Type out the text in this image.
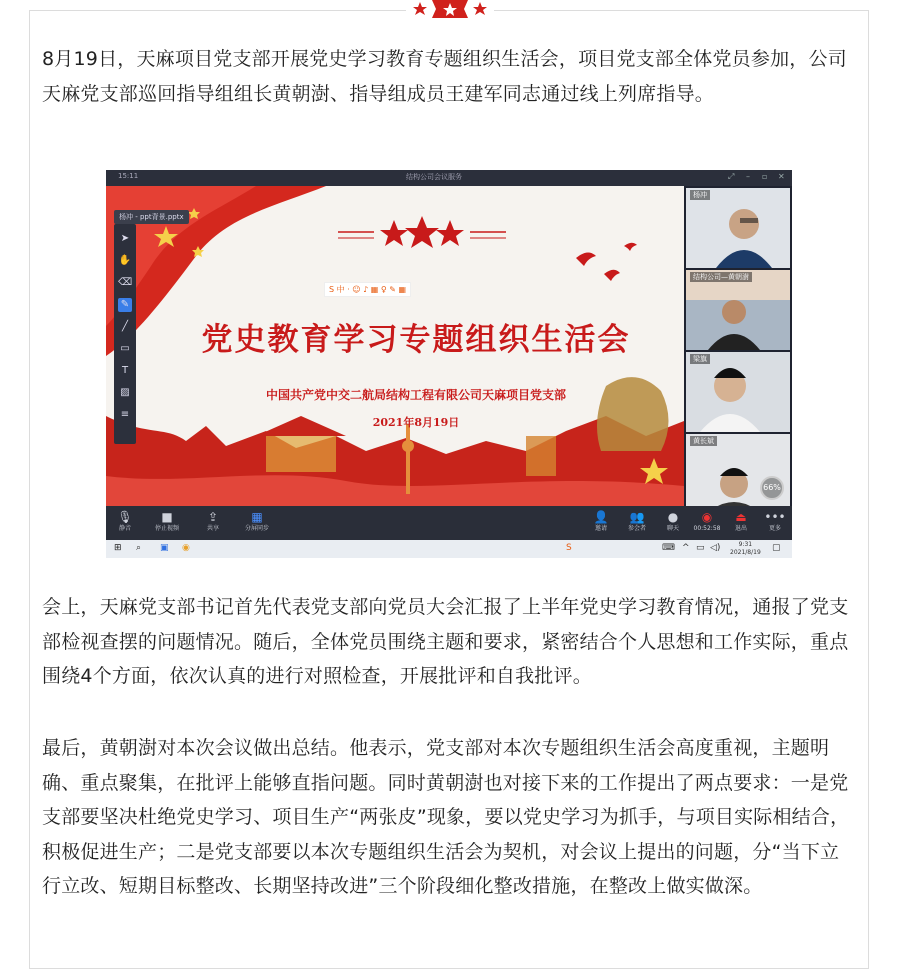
8月19日，天麻项目党支部开展党史学习教育专题组织生活会，项目党支部全体党员参加，公司天麻党支部巡回指导组组长黄朝澍、指导组成员王建军同志通过线上列席指导。
15:11	结构公司会议服务	⤢ –	▫	✕
杨冲 - ppt背景.pptx
➤
✋
⌫
✎
╱
▭
T
▨
≡
S 中 · ☺ ♪ ▦ ♀ ✎ ▦
党史教育学习专题组织生活会
中国共产党中交二航局结构工程有限公司天麻项目党支部
2021年8月19日
杨冲
结构公司—黄朝澍
梁旗
黄长斌
66%
🎙
静音
■
停止视频
⇪
共享
▦
分屏同步
👤
邀请
👥
参会者
●
聊天
◉
00:52:58
⏏
退出
•••
更多
⊞ ⌕ ▣ ◉	S	⌨ ^ ▭ ◁)	9:31
2021/8/19 ▢
会上，天麻党支部书记首先代表党支部向党员大会汇报了上半年党史学习教育情况，通报了党支部检视查摆的问题情况。随后，全体党员围绕主题和要求，紧密结合个人思想和工作实际，重点围绕4个方面，依次认真的进行对照检查，开展批评和自我批评。
最后，黄朝澍对本次会议做出总结。他表示，党支部对本次专题组织生活会高度重视，主题明确、重点聚集，在批评上能够直指问题。同时黄朝澍也对接下来的工作提出了两点要求：一是党支部要坚决杜绝党史学习、项目生产“两张皮”现象，要以党史学习为抓手，与项目实际相结合，积极促进生产；二是党支部要以本次专题组织生活会为契机，对会议上提出的问题，分“当下立行立改、短期目标整改、长期坚持改进”三个阶段细化整改措施，在整改上做实做深。
